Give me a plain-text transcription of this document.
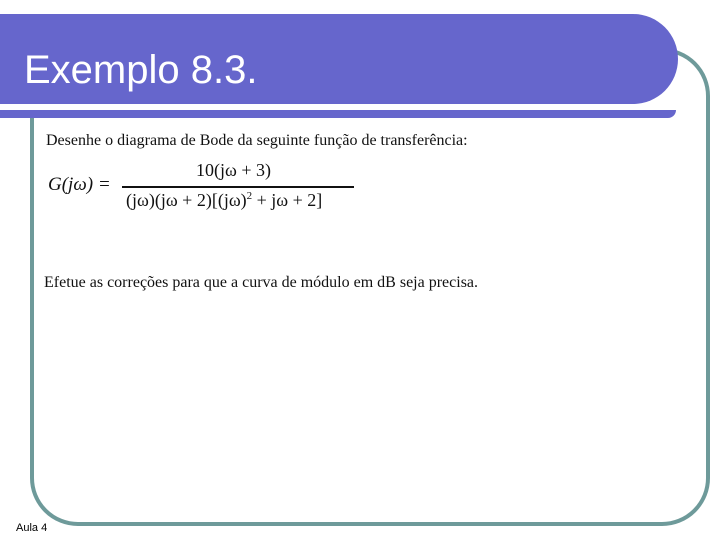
Exemplo 8.3.
Desenhe o diagrama de Bode da seguinte função de transferência:
G(jω) =
10(jω + 3)
$(j\omega)(j\omega + 2)[(j\omega)^2 + j\omega + 2]$
Efetue as correções para que a curva de módulo em dB seja precisa.
Aula 4
